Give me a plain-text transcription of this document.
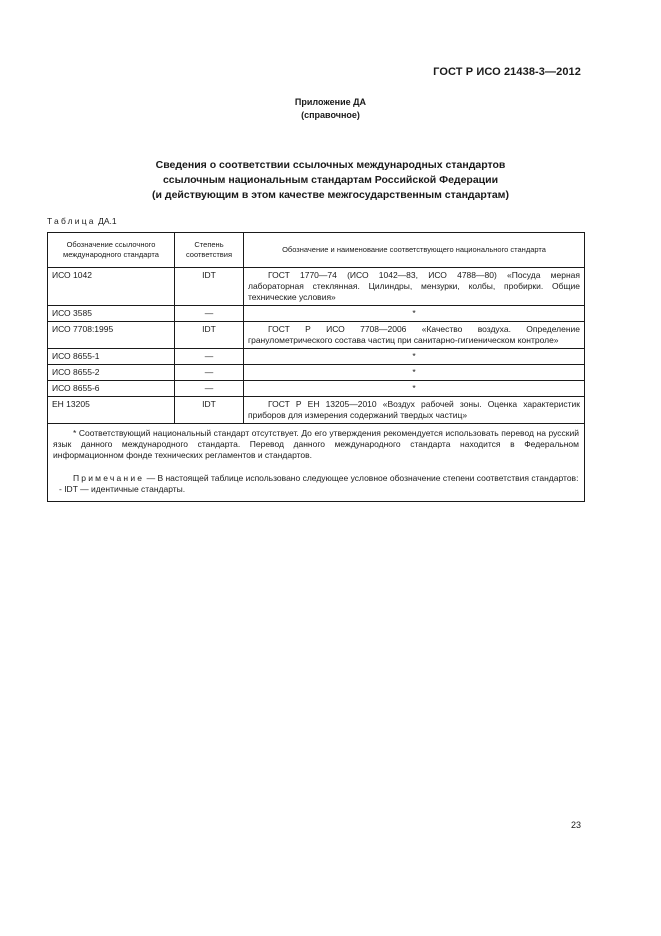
ГОСТ Р ИСО 21438-3—2012
Приложение ДА
(справочное)
Сведения о соответствии ссылочных международных стандартов
ссылочным национальным стандартам Российской Федерации
(и действующим в этом качестве межгосударственным стандартам)
Таблица ДА.1
Обозначение ссылочного международного стандарта	Степень соответствия	Обозначение и наименование соответствующего национального стандарта
ИСО 1042	IDT	ГОСТ 1770—74 (ИСО 1042—83, ИСО 4788—80) «Посуда мерная лабораторная стеклянная. Цилиндры, мензурки, колбы, пробирки. Общие технические условия»
ИСО 3585	—	*
ИСО 7708:1995	IDT	ГОСТ Р ИСО 7708—2006 «Качество воздуха. Определение гранулометрического состава частиц при санитарно-гигиеническом контроле»
ИСО 8655-1	—	*
ИСО 8655-2	—	*
ИСО 8655-6	—	*
ЕН 13205	IDT	ГОСТ Р ЕН 13205—2010 «Воздух рабочей зоны. Оценка характеристик приборов для измерения содержаний твердых частиц»

* Соответствующий национальный стандарт отсутствует. До его утверждения рекомендуется использовать перевод на русский язык данного международного стандарта. Перевод данного международного стандарта находится в Федеральном информационном фонде технических регламентов и стандартов.

Примечание — В настоящей таблице использовано следующее условное обозначение степени соответствия стандартов:

- IDT — идентичные стандарты.		

23
